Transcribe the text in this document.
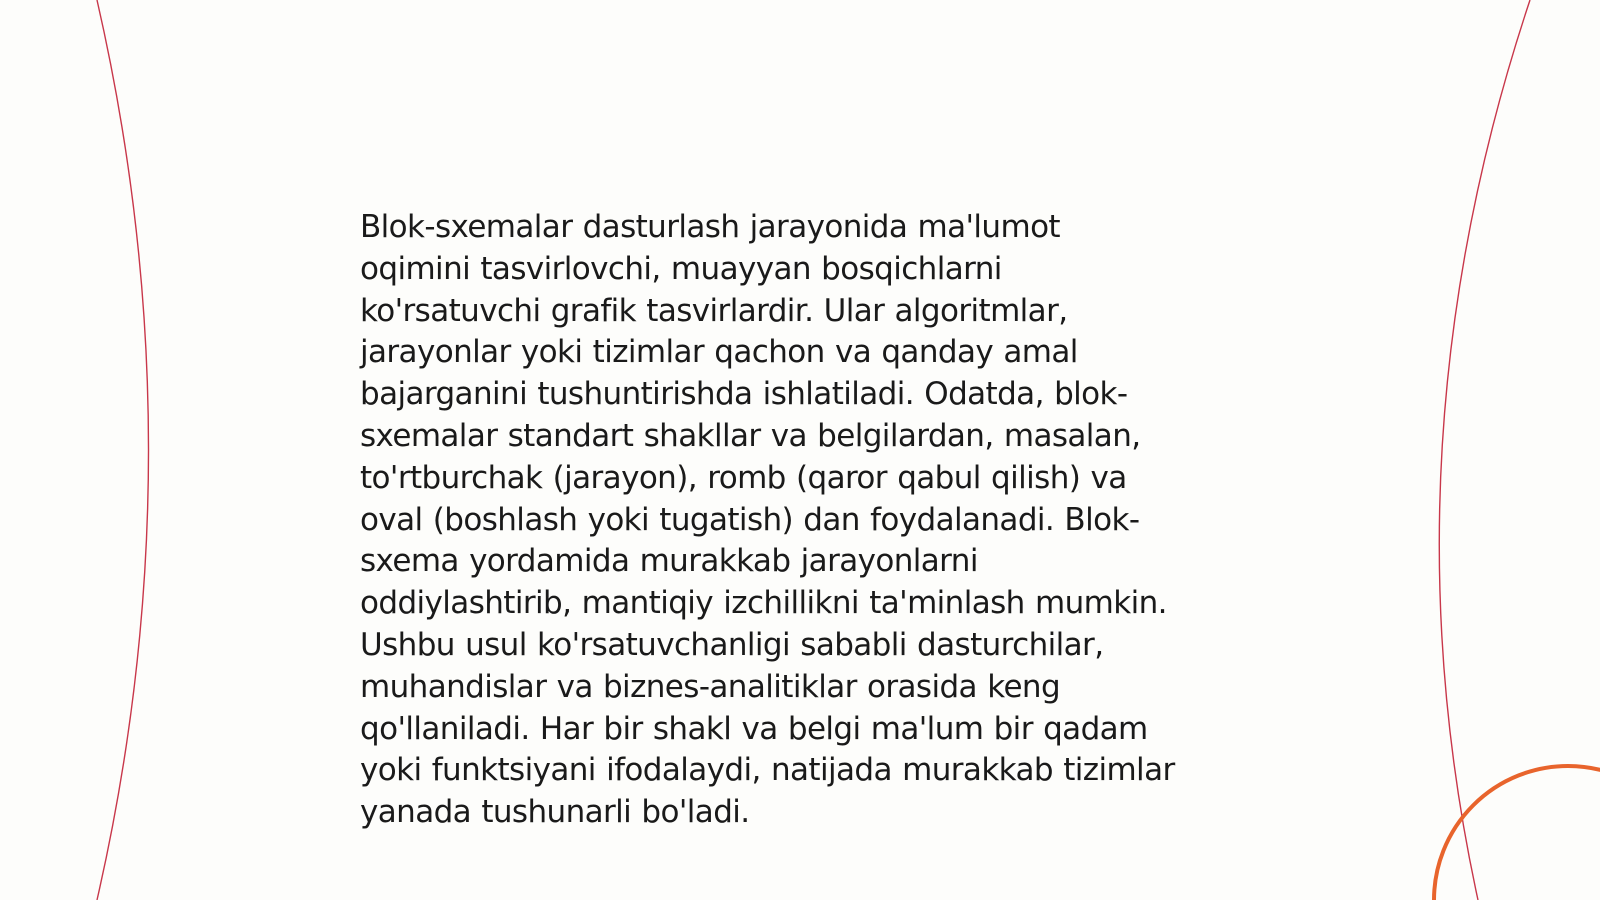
Blok-sxemalar dasturlash jarayonida ma'lumot
oqimini tasvirlovchi, muayyan bosqichlarni
ko'rsatuvchi grafik tasvirlardir. Ular algoritmlar,
jarayonlar yoki tizimlar qachon va qanday amal
bajarganini tushuntirishda ishlatiladi. Odatda, blok-
sxemalar standart shakllar va belgilardan, masalan,
to'rtburchak (jarayon), romb (qaror qabul qilish) va
oval (boshlash yoki tugatish) dan foydalanadi. Blok-
sxema yordamida murakkab jarayonlarni
oddiylashtirib, mantiqiy izchillikni ta'minlash mumkin.
Ushbu usul ko'rsatuvchanligi sababli dasturchilar,
muhandislar va biznes-analitiklar orasida keng
qo'llaniladi. Har bir shakl va belgi ma'lum bir qadam
yoki funktsiyani ifodalaydi, natijada murakkab tizimlar
yanada tushunarli bo'ladi.
